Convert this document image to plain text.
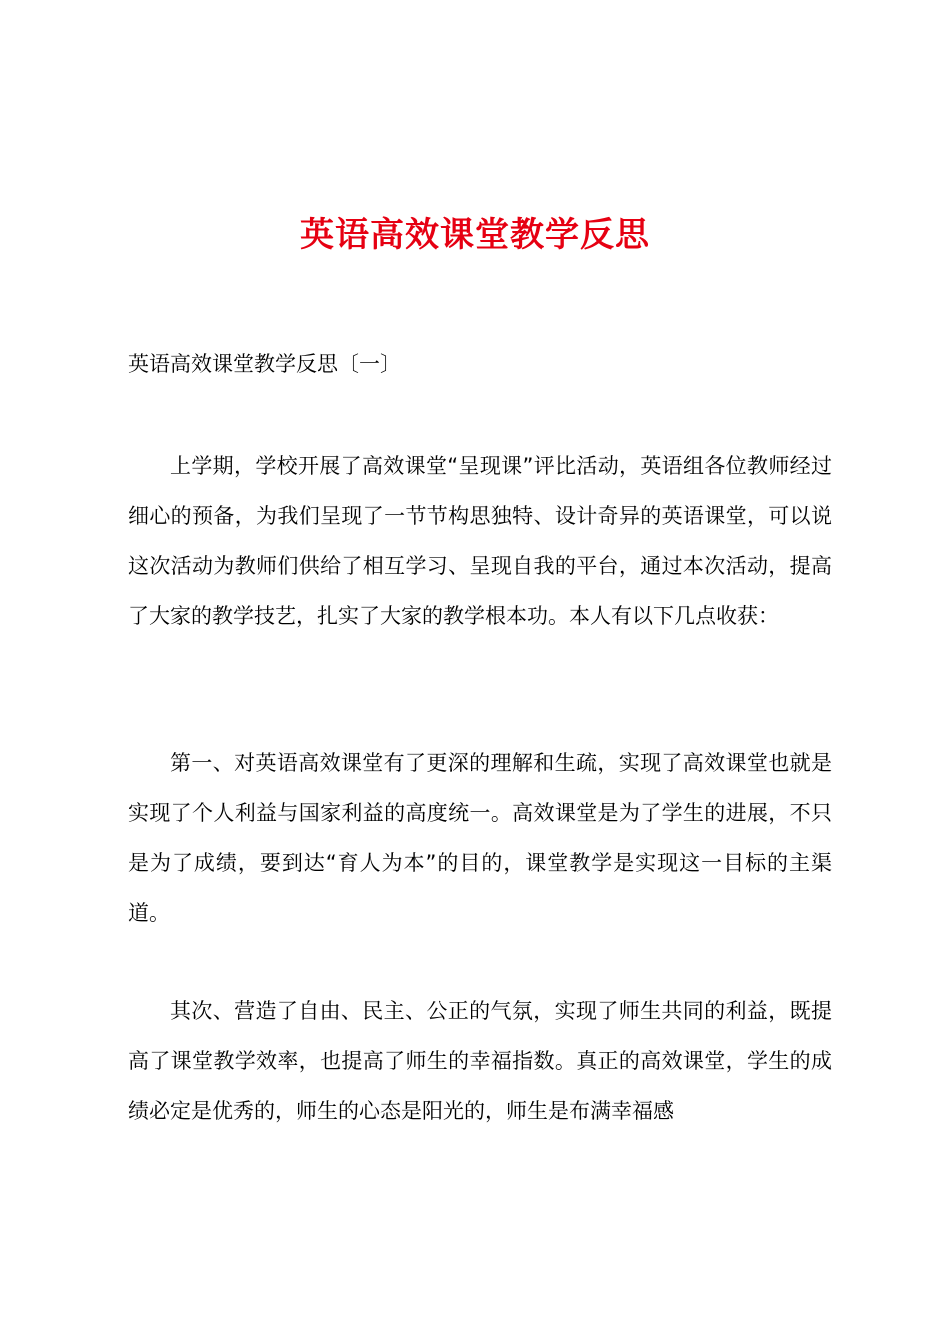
英语高效课堂教学反思
英语高效课堂教学反思〔一〕

上学期，学校开展了高效课堂“呈现课”评比活动，英语组各位教师经过细心的预备，为我们呈现了一节节构思独特、设计奇异的英语课堂，可以说这次活动为教师们供给了相互学习、呈现自我的平台，通过本次活动，提高了大家的教学技艺，扎实了大家的教学根本功。本人有以下几点收获：

第一、对英语高效课堂有了更深的理解和生疏，实现了高效课堂也就是实现了个人利益与国家利益的高度统一。高效课堂是为了学生的进展，不只是为了成绩，要到达“育人为本”的目的，课堂教学是实现这一目标的主渠道。

其次、营造了自由、民主、公正的气氛，实现了师生共同的利益，既提高了课堂教学效率，也提高了师生的幸福指数。真正的高效课堂，学生的成绩必定是优秀的，师生的心态是阳光的，师生是布满幸福感
